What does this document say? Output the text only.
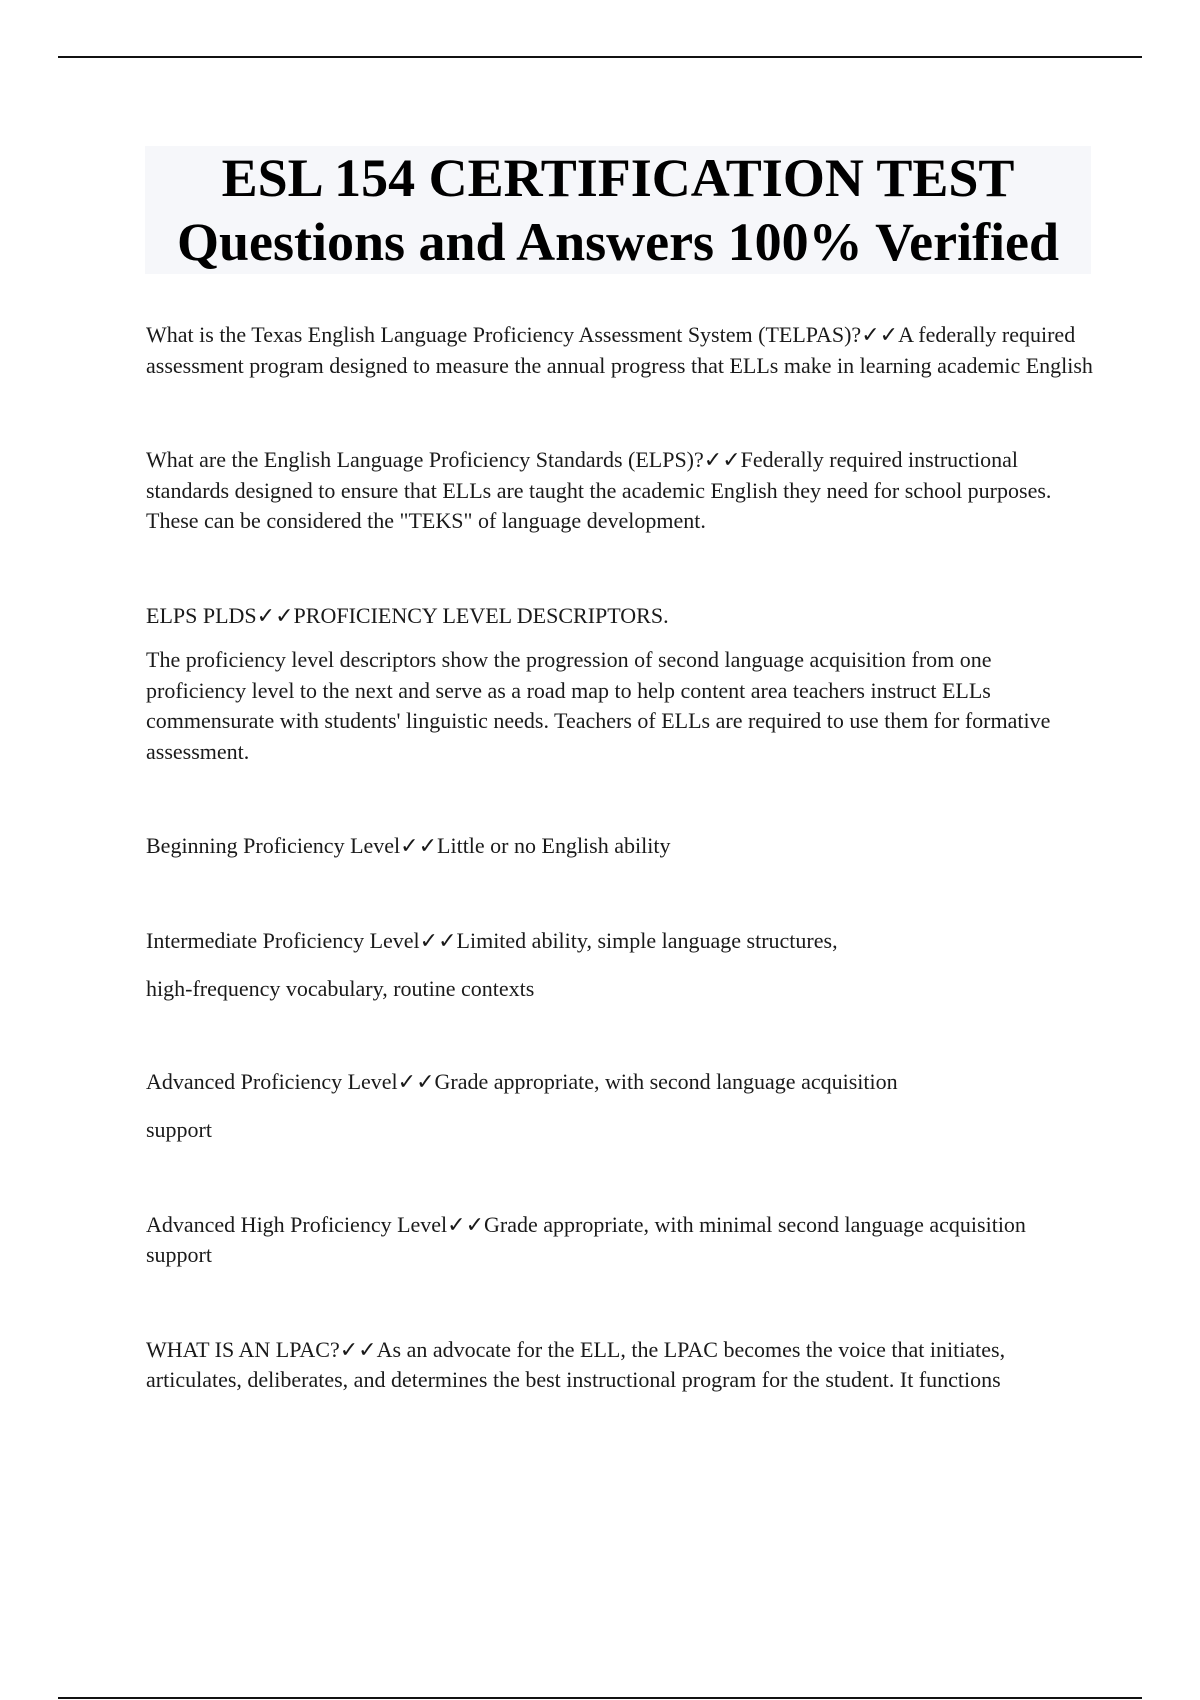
ESL 154 CERTIFICATION TEST
Questions and Answers 100% Verified

What is the Texas English Language Proficiency Assessment System (TELPAS)?✓✓A federally required assessment program designed to measure the annual progress that ELLs make in learning academic English

What are the English Language Proficiency Standards (ELPS)?✓✓Federally required instructional standards designed to ensure that ELLs are taught the academic English they need for school purposes. These can be considered the "TEKS" of language development.

ELPS PLDS✓✓PROFICIENCY LEVEL DESCRIPTORS.

The proficiency level descriptors show the progression of second language acquisition from one proficiency level to the next and serve as a road map to help content area teachers instruct ELLs commensurate with students' linguistic needs. Teachers of ELLs are required to use them for formative assessment.

Beginning Proficiency Level✓✓Little or no English ability

Intermediate Proficiency Level✓✓Limited ability, simple language structures,

high-frequency vocabulary, routine contexts

Advanced Proficiency Level✓✓Grade appropriate, with second language acquisition

support

Advanced High Proficiency Level✓✓Grade appropriate, with minimal second language acquisition support

WHAT IS AN LPAC?✓✓As an advocate for the ELL, the LPAC becomes the voice that initiates, articulates, deliberates, and determines the best instructional program for the student. It functions
